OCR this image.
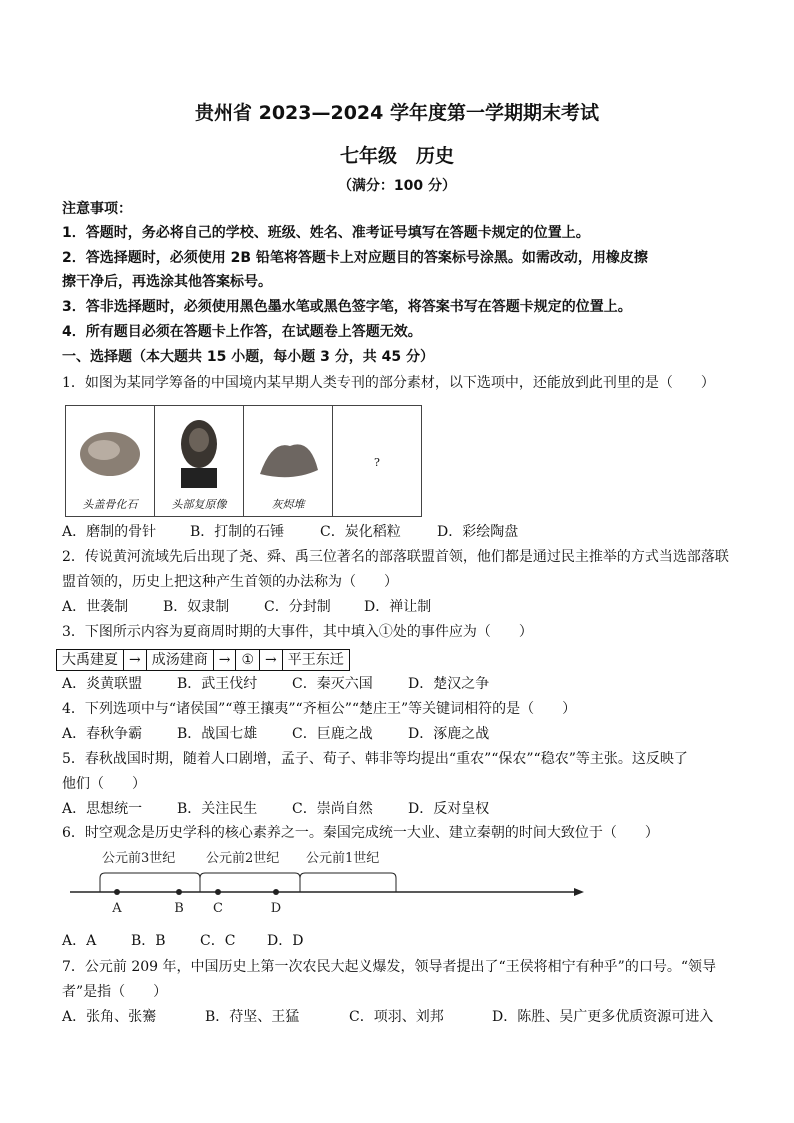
贵州省 2023—2024 学年度第一学期期末考试
七年级　历史
（满分：100 分）
注意事项：
1．答题时，务必将自己的学校、班级、姓名、准考证号填写在答题卡规定的位置上。
2．答选择题时，必须使用 2B 铅笔将答题卡上对应题目的答案标号涂黑。如需改动，用橡皮擦
擦干净后，再选涂其他答案标号。
3．答非选择题时，必须使用黑色墨水笔或黑色签字笔，将答案书写在答题卡规定的位置上。
4．所有题目必须在答题卡上作答，在试题卷上答题无效。
一、选择题（本大题共 15 小题，每小题 3 分，共 45 分）
1．如图为某同学筹备的中国境内某早期人类专刊的部分素材，以下选项中，还能放到此刊里的是（　　）
头盖骨化石	头部复原像	灰烬堆
?
A．磨制的骨针 B．打制的石锤	C．炭化稻粒	D．彩绘陶盘
2．传说黄河流域先后出现了尧、舜、禹三位著名的部落联盟首领，他们都是通过民主推举的方式当选部落联
盟首领的，历史上把这种产生首领的办法称为（　　）
A．世袭制 B．奴隶制 C．分封制 D．禅让制
3．下图所示内容为夏商周时期的大事件，其中填入①处的事件应为（　　）
大禹建夏 → 成汤建商 → ① → 平王东迁
A．炎黄联盟 B．武王伐纣 C．秦灭六国	D．楚汉之争
4．下列选项中与“诸侯国”“尊王攘夷”“齐桓公”“楚庄王”等关键词相符的是（　　）
A．春秋争霸 B．战国七雄 C．巨鹿之战	D．涿鹿之战
5．春秋战国时期，随着人口剧增，孟子、荀子、韩非等均提出“重农”“保农”“稳农”等主张。这反映了
他们（　　）
A．思想统一 B．关注民生 C．崇尚自然	D．反对皇权
6．时空观念是历史学科的核心素养之一。秦国完成统一大业、建立秦朝的时间大致位于（　　）
公元前3世纪 公元前2世纪 公元前1世纪
A	B C	D
A．A B．B C．C D．D
7．公元前 209 年，中国历史上第一次农民大起义爆发，领导者提出了“王侯将相宁有种乎”的口号。“领导
者”是指（　　）
A．张角、张騫	B．苻坚、王猛	C．项羽、刘邦	D．陈胜、吴广更多优质资源可进入
